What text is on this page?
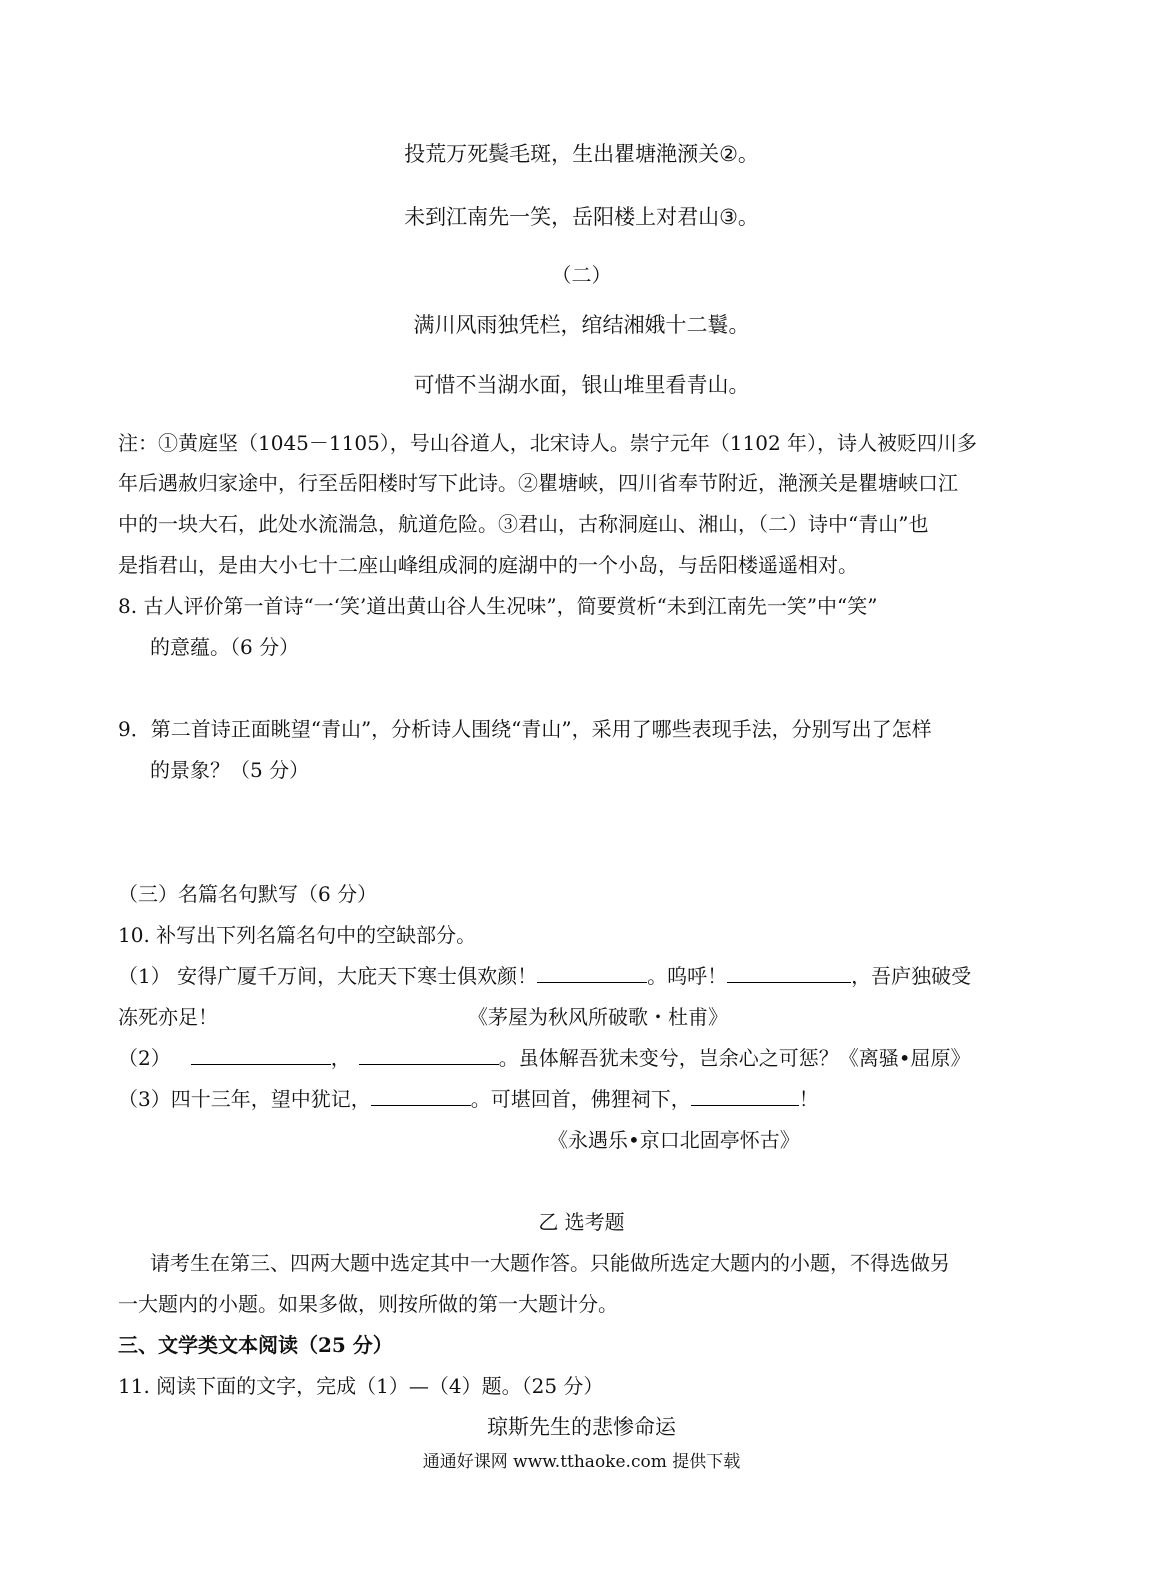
投荒万死鬓毛斑，生出瞿塘滟滪关②。
未到江南先一笑，岳阳楼上对君山③。
（二）
满川风雨独凭栏，绾结湘娥十二鬟。
可惜不当湖水面，银山堆里看青山。
注：①黄庭坚（1045－1105），号山谷道人，北宋诗人。崇宁元年（1102 年），诗人被贬四川多
年后遇赦归家途中，行至岳阳楼时写下此诗。②瞿塘峡，四川省奉节附近，滟滪关是瞿塘峡口江
中的一块大石，此处水流湍急，航道危险。③君山，古称洞庭山、湘山，（二）诗中“青山”也
是指君山，是由大小七十二座山峰组成洞的庭湖中的一个小岛，与岳阳楼遥遥相对。
8. 古人评价第一首诗“一‘笑’道出黄山谷人生况味”，简要赏析“未到江南先一笑”中“笑”
的意蕴。（6 分）
9．第二首诗正面眺望“青山”，分析诗人围绕“青山”，采用了哪些表现手法，分别写出了怎样
的景象？（5 分）
（三）名篇名句默写（6 分）
10. 补写出下列名篇名句中的空缺部分。
（1） 安得广厦千万间，大庇天下寒士俱欢颜！	。呜呼！	，吾庐独破受
冻死亦足！	《茅屋为秋风所破歌・杜甫》
（2）	，	。虽体解吾犹未变兮，岂余心之可惩？《离骚•屈原》
（3）四十三年，望中犹记，	。可堪回首，佛狸祠下，	！
《永遇乐•京口北固亭怀古》
乙 选考题
请考生在第三、四两大题中选定其中一大题作答。只能做所选定大题内的小题，不得选做另
一大题内的小题。如果多做，则按所做的第一大题计分。
三、文学类文本阅读（25 分）
11. 阅读下面的文字，完成（1）—（4）题。（25 分）
琼斯先生的悲惨命运
通通好课网 www.tthaoke.com 提供下载
